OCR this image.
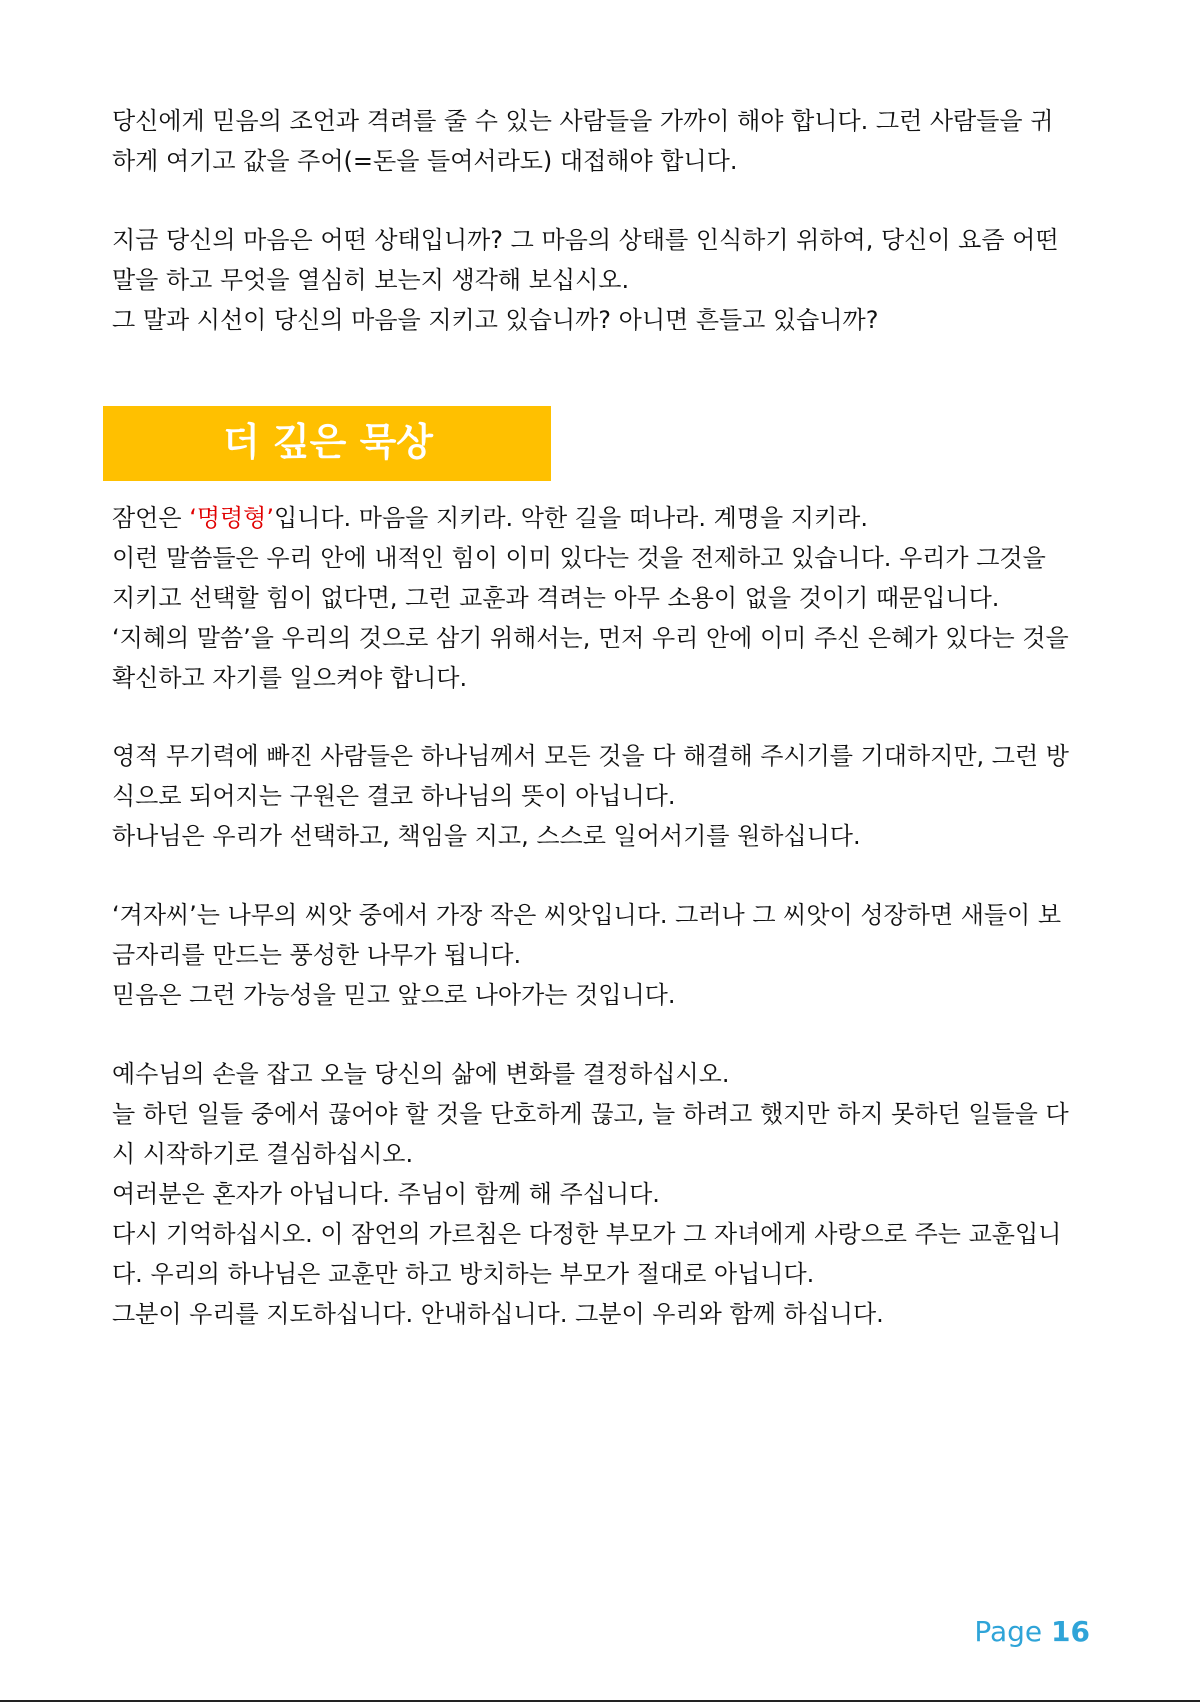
당신에게 믿음의 조언과 격려를 줄 수 있는 사람들을 가까이 해야 합니다. 그런 사람들을 귀
하게 여기고 값을 주어(=돈을 들여서라도) 대접해야 합니다.
지금 당신의 마음은 어떤 상태입니까? 그 마음의 상태를 인식하기 위하여, 당신이 요즘 어떤
말을 하고 무엇을 열심히 보는지 생각해 보십시오.
그 말과 시선이 당신의 마음을 지키고 있습니까? 아니면 흔들고 있습니까?
더 깊은 묵상
잠언은 ‘명령형’입니다. 마음을 지키라. 악한 길을 떠나라. 계명을 지키라.
이런 말씀들은 우리 안에 내적인 힘이 이미 있다는 것을 전제하고 있습니다. 우리가 그것을
지키고 선택할 힘이 없다면, 그런 교훈과 격려는 아무 소용이 없을 것이기 때문입니다.
‘지혜의 말씀’을 우리의 것으로 삼기 위해서는, 먼저 우리 안에 이미 주신 은혜가 있다는 것을
확신하고 자기를 일으켜야 합니다.
영적 무기력에 빠진 사람들은 하나님께서 모든 것을 다 해결해 주시기를 기대하지만, 그런 방
식으로 되어지는 구원은 결코 하나님의 뜻이 아닙니다.
하나님은 우리가 선택하고, 책임을 지고, 스스로 일어서기를 원하십니다.
‘겨자씨’는 나무의 씨앗 중에서 가장 작은 씨앗입니다. 그러나 그 씨앗이 성장하면 새들이 보
금자리를 만드는 풍성한 나무가 됩니다.
믿음은 그런 가능성을 믿고 앞으로 나아가는 것입니다.
예수님의 손을 잡고 오늘 당신의 삶에 변화를 결정하십시오.
늘 하던 일들 중에서 끊어야 할 것을 단호하게 끊고, 늘 하려고 했지만 하지 못하던 일들을 다
시 시작하기로 결심하십시오.
여러분은 혼자가 아닙니다. 주님이 함께 해 주십니다.
다시 기억하십시오. 이 잠언의 가르침은 다정한 부모가 그 자녀에게 사랑으로 주는 교훈입니
다. 우리의 하나님은 교훈만 하고 방치하는 부모가 절대로 아닙니다.
그분이 우리를 지도하십니다. 안내하십니다. 그분이 우리와 함께 하십니다.
Page 16
